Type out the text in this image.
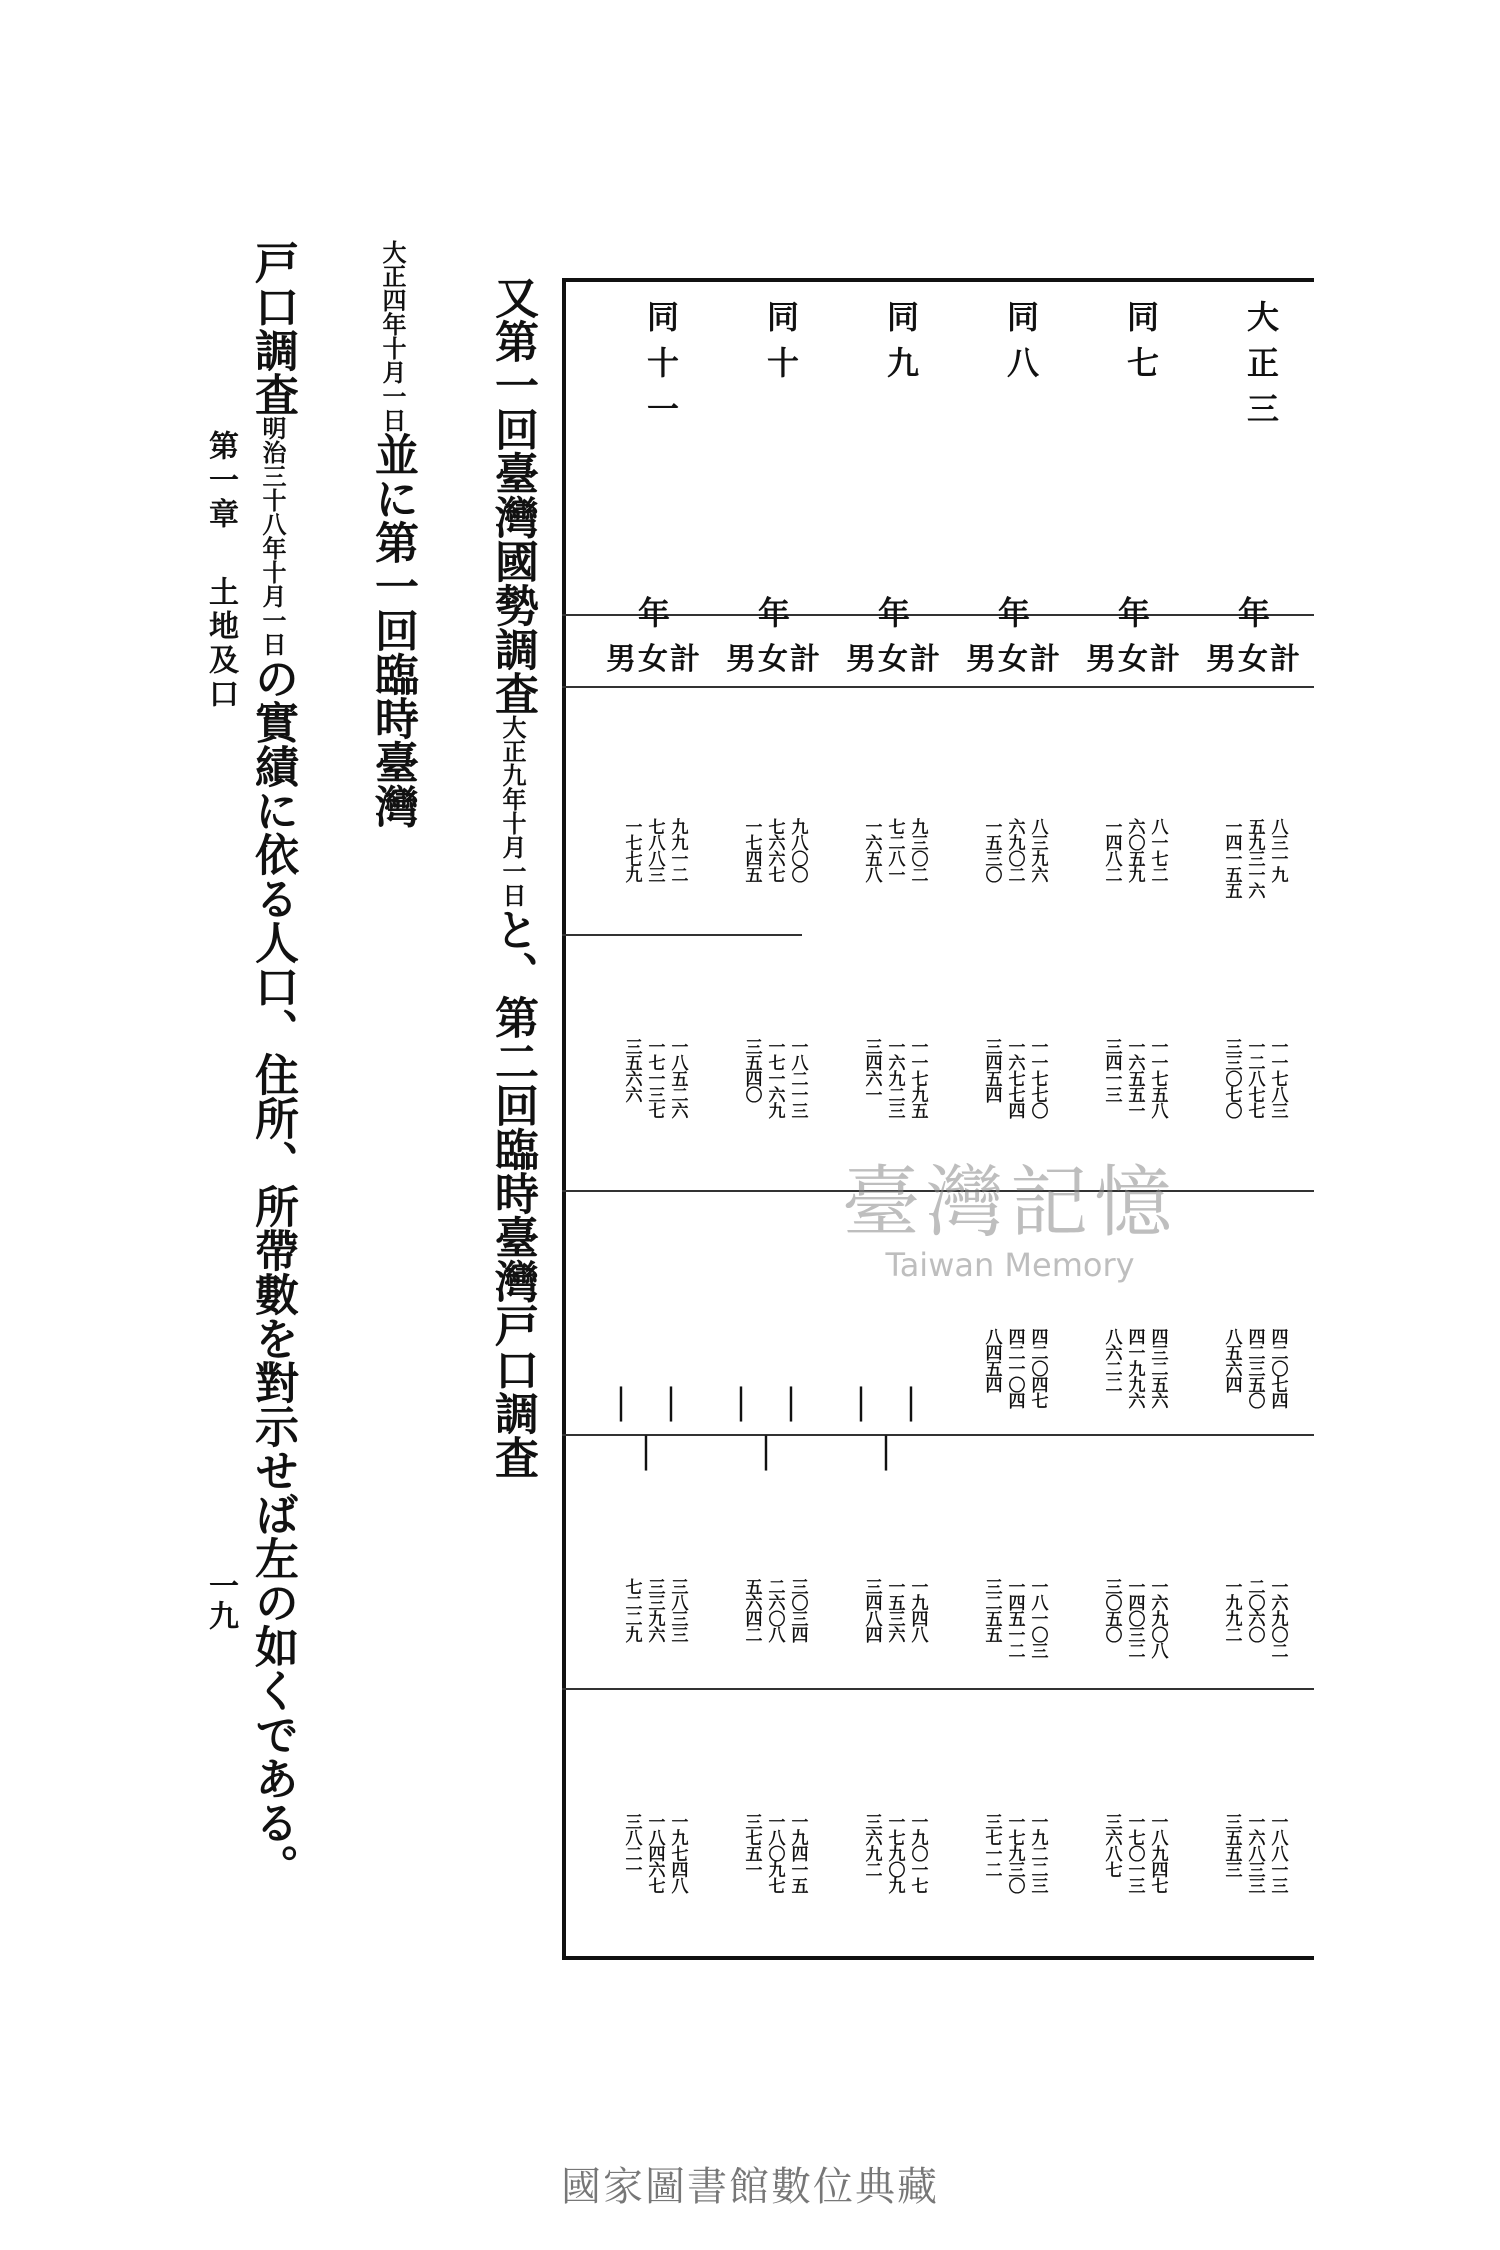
第一章土地及口
一九
又第一回臺灣國勢調査大正九年十月一日と、第二回臨時臺灣戸口調査
大正四年十月一日並に第一回臨時臺灣
戸口調査明治三十八年十月一日の實績に依る人口、住所、所帶數を對示せば左の如くである。
大正三
年
同七
年
同八
年
同九
年
同十
年
同十一
年
男女計
男女計
男女計
男女計
男女計
男女計
八三一九
五九三一六
一四一五五
一一七八三
一二八七七
三三〇七〇
四二〇七四
四二三五〇
八五六四
一六九〇二
二〇六〇
一九九二
一八八一三
一六八三三
三五五三
八一七二
六〇五九
一四八二
一一七五八
一六五五一
三四一三
四三二五六
四一九九六
八六二二
一六九〇八
一四〇三二
三〇五〇
一八九四七
一七〇一三
三六八七
八三九六
六九〇二
一五三〇
一一七七〇
一六七七四
三四五四
四二〇四七
四二一〇四
八四五四
一八一〇三
一四五一二
三二五五
一九二二三
一七九三〇
三七一二
九三〇二
七二八一
一六五八
一一七九五
一六九二三
三四六一
｜｜｜
一九四八
一五三六
三四八四
一九〇一七
一七九〇九
三六九二
九八〇〇
七六六七
一七四五
一八二一三
一七一六九
三五四〇
｜｜｜
三〇三四
二六〇八
五六四二
一九四一五
一八〇九七
三七五一
九九一二
七八八三
一七七九
一八五二六
一七一三七
三五六六
｜｜｜
三八三三
三三九六
七二二九
一九七四八
一八四六七
三八二一
臺灣記憶
Taiwan Memory
國家圖書館數位典藏
